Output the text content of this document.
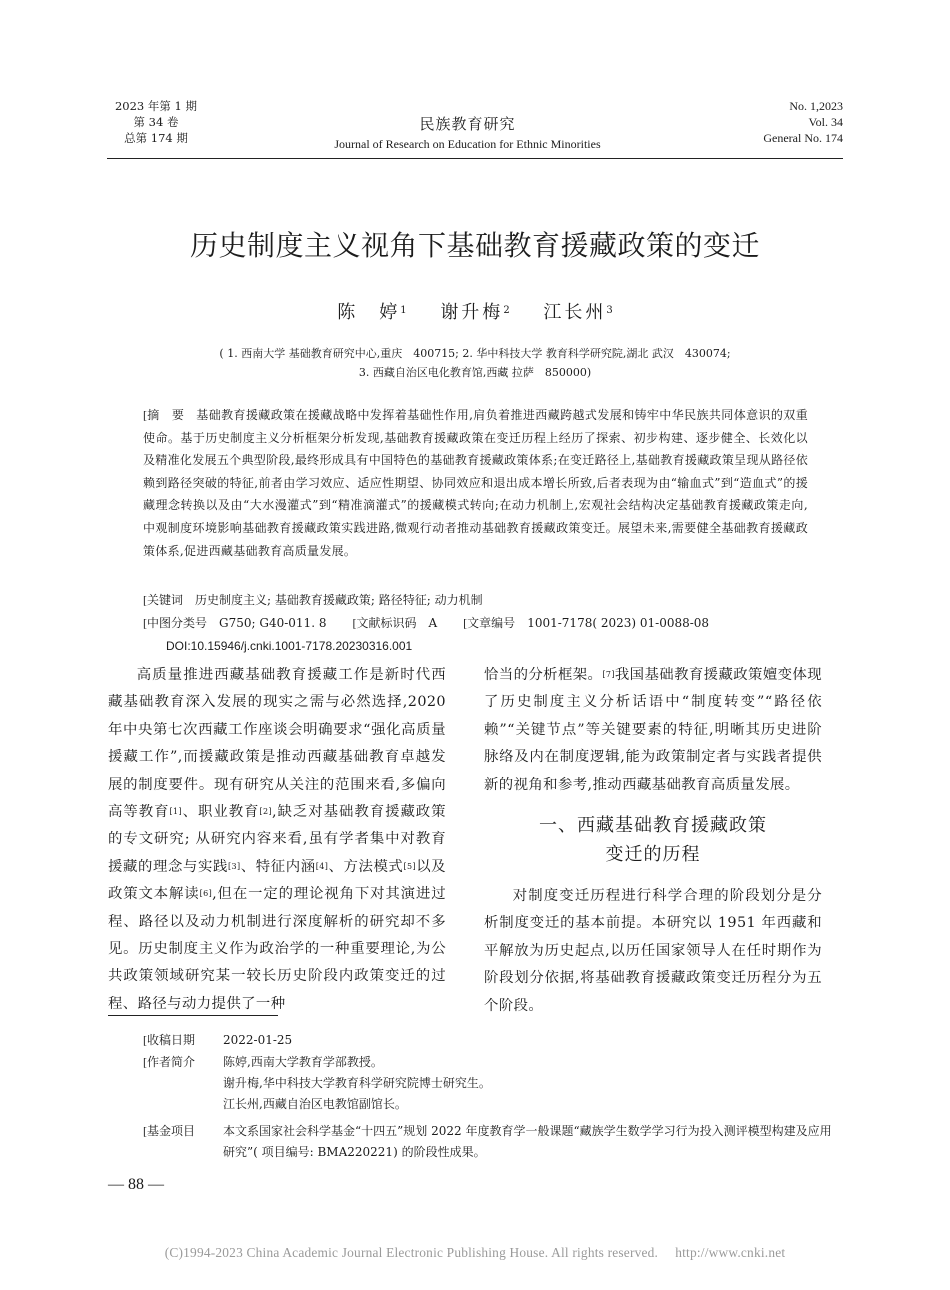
2023 年第 1 期
第 34 卷
总第 174 期
民族教育研究
Journal of Research on Education for Ethnic Minorities
No. 1,2023
Vol. 34
General No. 174
历史制度主义视角下基础教育援藏政策的变迁
陈　婷$^1$ 谢升梅$^2$ 江长州$^3$
( 1. 西南大学 基础教育研究中心,重庆　400715; 2. 华中科技大学 教育科学研究院,湖北 武汉　430074;
3. 西藏自治区电化教育馆,西藏 拉萨　850000)
[ 摘　要 基础教育援藏政策在援藏战略中发挥着基础性作用,肩负着推进西藏跨越式发展和铸牢中华民族共同体意识的双重使命。基于历史制度主义分析框架分析发现,基础教育援藏政策在变迁历程上经历了探索、初步构建、逐步健全、长效化以及精准化发展五个典型阶段,最终形成具有中国特色的基础教育援藏政策体系;在变迁路径上,基础教育援藏政策呈现从路径依赖到路径突破的特征,前者由学习效应、适应性期望、协同效应和退出成本增长所致,后者表现为由“输血式”到“造血式”的援藏理念转换以及由“大水漫灌式”到“精准滴灌式”的援藏模式转向;在动力机制上,宏观社会结构决定基础教育援藏政策走向,中观制度环境影响基础教育援藏政策实践进路,微观行动者推动基础教育援藏政策变迁。展望未来,需要健全基础教育援藏政策体系,促进西藏基础教育高质量发展。
[ 关键词　 历史制度主义; 基础教育援藏政策; 路径特征; 动力机制
[ 中图分类号　 G750; G40-011. 8	[ 文献标识码　 A	[ 文章编号　 1001-7178( 2023) 01-0088-08
DOI:10.15946/j.cnki.1001-7178.20230316.001

高质量推进西藏基础教育援藏工作是新时代西藏基础教育深入发展的现实之需与必然选择,2020 年中央第七次西藏工作座谈会明确要求“强化高质量援藏工作”,而援藏政策是推动西藏基础教育卓越发展的制度要件。现有研究从关注的范围来看,多偏向高等教育[1]、职业教育[2],缺乏对基础教育援藏政策的专文研究; 从研究内容来看,虽有学者集中对教育援藏的理念与实践[3]、特征内涵[4]、方法模式[5]以及政策文本解读[6],但在一定的理论视角下对其演进过程、路径以及动力机制进行深度解析的研究却不多见。历史制度主义作为政治学的一种重要理论,为公共政策领域研究某一较长历史阶段内政策变迁的过程、路径与动力提供了一种

恰当的分析框架。[7]我国基础教育援藏政策嬗变体现了历史制度主义分析话语中“制度转变”“路径依赖”“关键节点”等关键要素的特征,明晰其历史进阶脉络及内在制度逻辑,能为政策制定者与实践者提供新的视角和参考,推动西藏基础教育高质量发展。

一、西藏基础教育援藏政策
变迁的历程

对制度变迁历程进行科学合理的阶段划分是分析制度变迁的基本前提。本研究以 1951 年西藏和平解放为历史起点,以历任国家领导人在任时期作为阶段划分依据,将基础教育援藏政策变迁历程分为五个阶段。

[ 收稿日期 2022-01-25
[ 作者简介 陈婷,西南大学教育学部教授。
谢升梅,华中科技大学教育科学研究院博士研究生。
江长州,西藏自治区电教馆副馆长。
[ 基金项目 本文系国家社会科学基金“十四五”规划 2022 年度教育学一般课题“藏族学生数学学习行为投入测评模型构建及应用研究”( 项目编号: BMA220221) 的阶段性成果。
— 88 —
(C)1994-2023 China Academic Journal Electronic Publishing House. All rights reserved.　 http://www.cnki.net
